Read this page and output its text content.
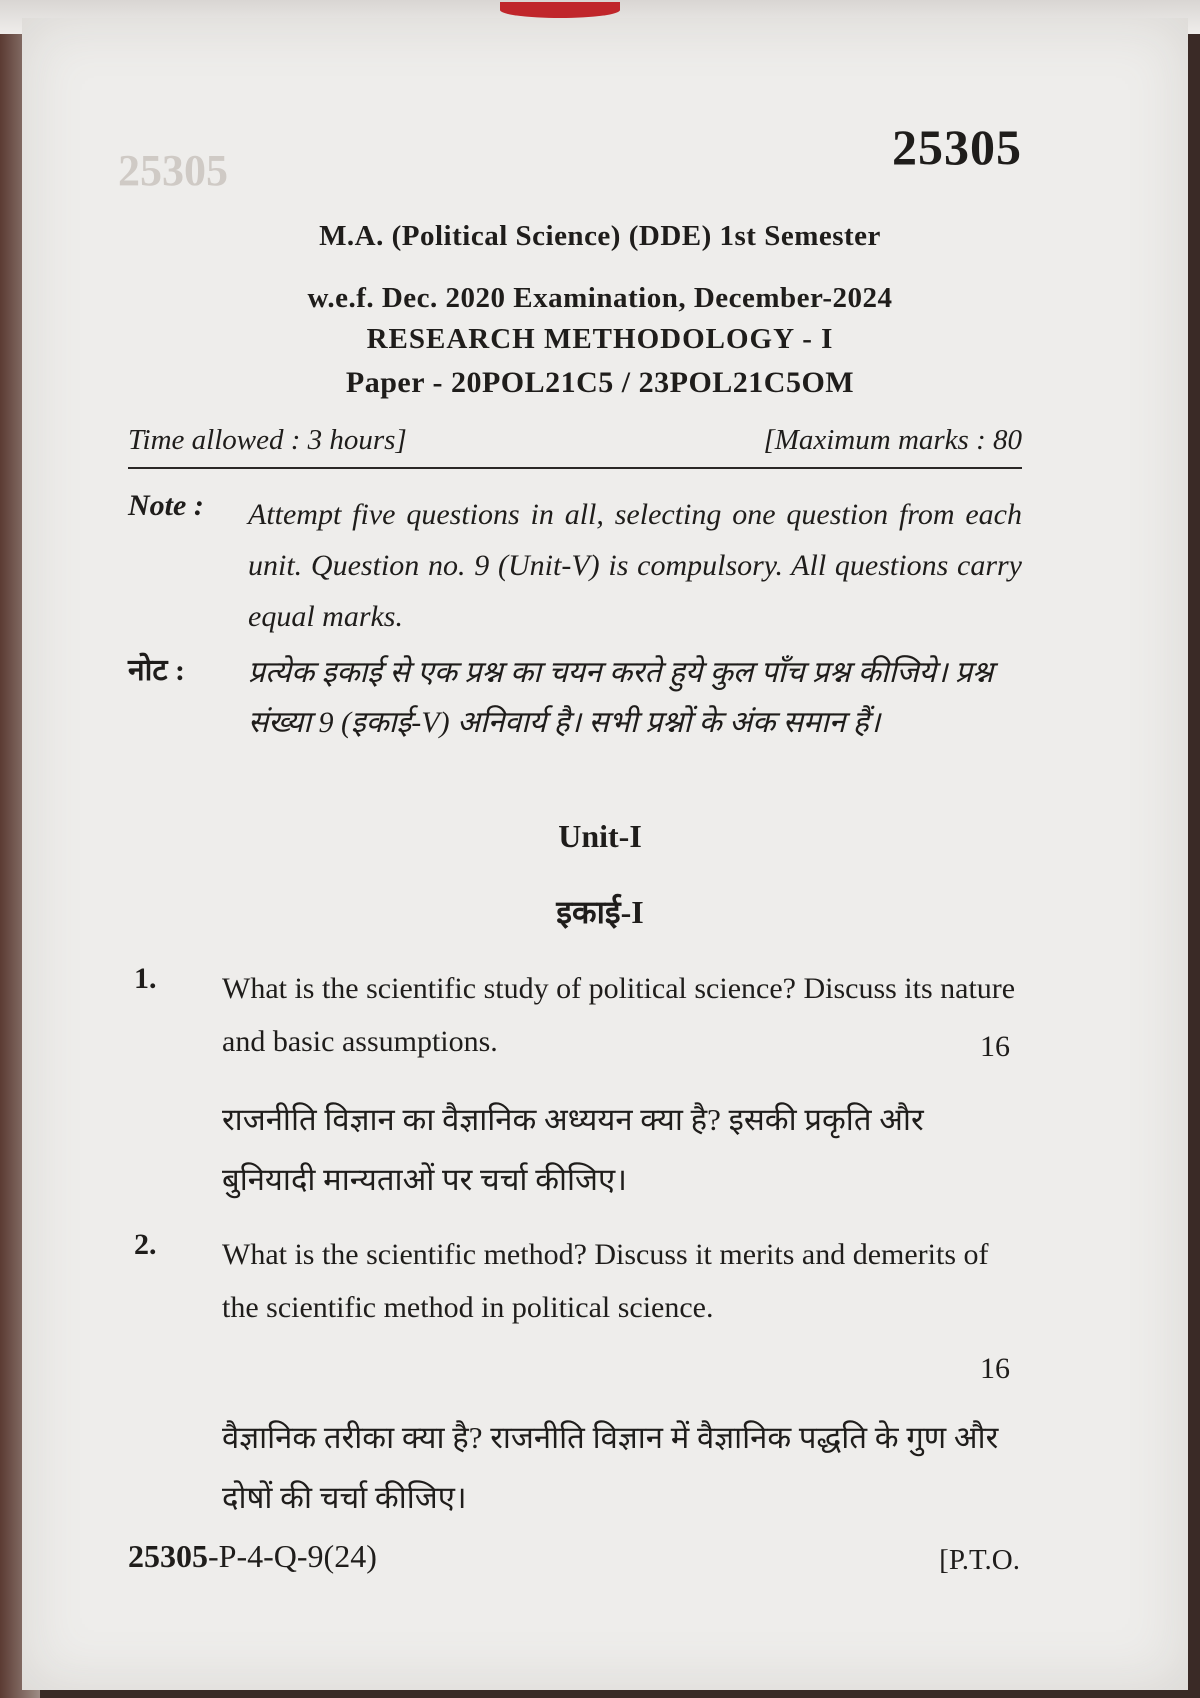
25305	25305

M.A. (Political Science) (DDE) 1st Semester

w.e.f. Dec. 2020 Examination, December-2024

RESEARCH METHODOLOGY - I

Paper - 20POL21C5 / 23POL21C5OM

Time allowed : 3 hours]	[Maximum marks : 80

Note : Attempt five questions in all, selecting one question from each unit. Question no. 9 (Unit-V) is compulsory. All questions carry equal marks.

नोट : प्रत्येक इकाई से एक प्रश्न का चयन करते हुये कुल पाँच प्रश्न कीजिये। प्रश्न संख्या 9 (इकाई-V) अनिवार्य है। सभी प्रश्नों के अंक समान हैं।

Unit-I

इकाई-I

1. What is the scientific study of political science? Discuss its nature and basic assumptions.	16

राजनीति विज्ञान का वैज्ञानिक अध्ययन क्या है? इसकी प्रकृति और बुनियादी मान्यताओं पर चर्चा कीजिए।

2. What is the scientific method? Discuss it merits and demerits of the scientific method in political science.

16

वैज्ञानिक तरीका क्या है? राजनीति विज्ञान में वैज्ञानिक पद्धति के गुण और दोषों की चर्चा कीजिए।

25305-P-4-Q-9(24)	[P.T.O.
